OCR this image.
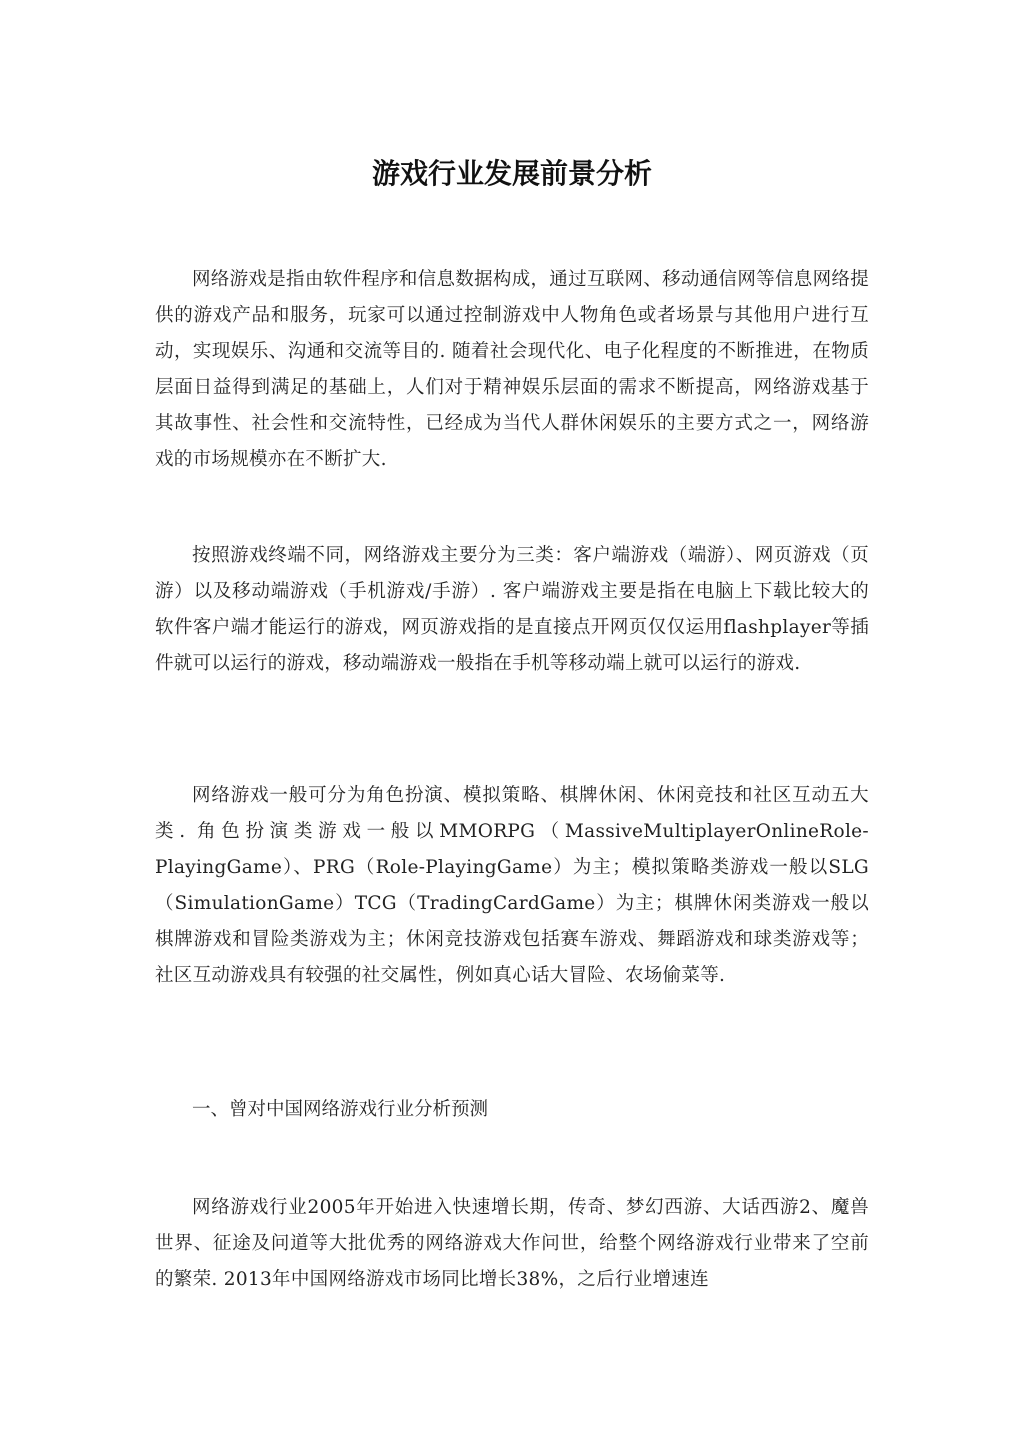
游戏行业发展前景分析

网络游戏是指由软件程序和信息数据构成，通过互联网、移动通信网等信息网络提供的游戏产品和服务，玩家可以通过控制游戏中人物角色或者场景与其他用户进行互动，实现娱乐、沟通和交流等目的. 随着社会现代化、电子化程度的不断推进，在物质层面日益得到满足的基础上，人们对于精神娱乐层面的需求不断提高，网络游戏基于其故事性、社会性和交流特性，已经成为当代人群休闲娱乐的主要方式之一，网络游戏的市场规模亦在不断扩大.

按照游戏终端不同，网络游戏主要分为三类：客户端游戏（端游）、网页游戏（页游）以及移动端游戏（手机游戏/手游）. 客户端游戏主要是指在电脑上下载比较大的软件客户端才能运行的游戏，网页游戏指的是直接点开网页仅仅运用flashplayer等插件就可以运行的游戏，移动端游戏一般指在手机等移动端上就可以运行的游戏.

网络游戏一般可分为角色扮演、模拟策略、棋牌休闲、休闲竞技和社区互动五大类. 角色扮演类游戏一般以MMORPG（MassiveMultiplayerOnlineRole-PlayingGame）、PRG（Role-PlayingGame）为主；模拟策略类游戏一般以SLG（SimulationGame）TCG（TradingCardGame）为主；棋牌休闲类游戏一般以棋牌游戏和冒险类游戏为主；休闲竞技游戏包括赛车游戏、舞蹈游戏和球类游戏等；社区互动游戏具有较强的社交属性，例如真心话大冒险、农场偷菜等.

一、曾对中国网络游戏行业分析预测

网络游戏行业2005年开始进入快速增长期，传奇、梦幻西游、大话西游2、魔兽世界、征途及问道等大批优秀的网络游戏大作问世，给整个网络游戏行业带来了空前的繁荣. 2013年中国网络游戏市场同比增长38%，之后行业增速连
